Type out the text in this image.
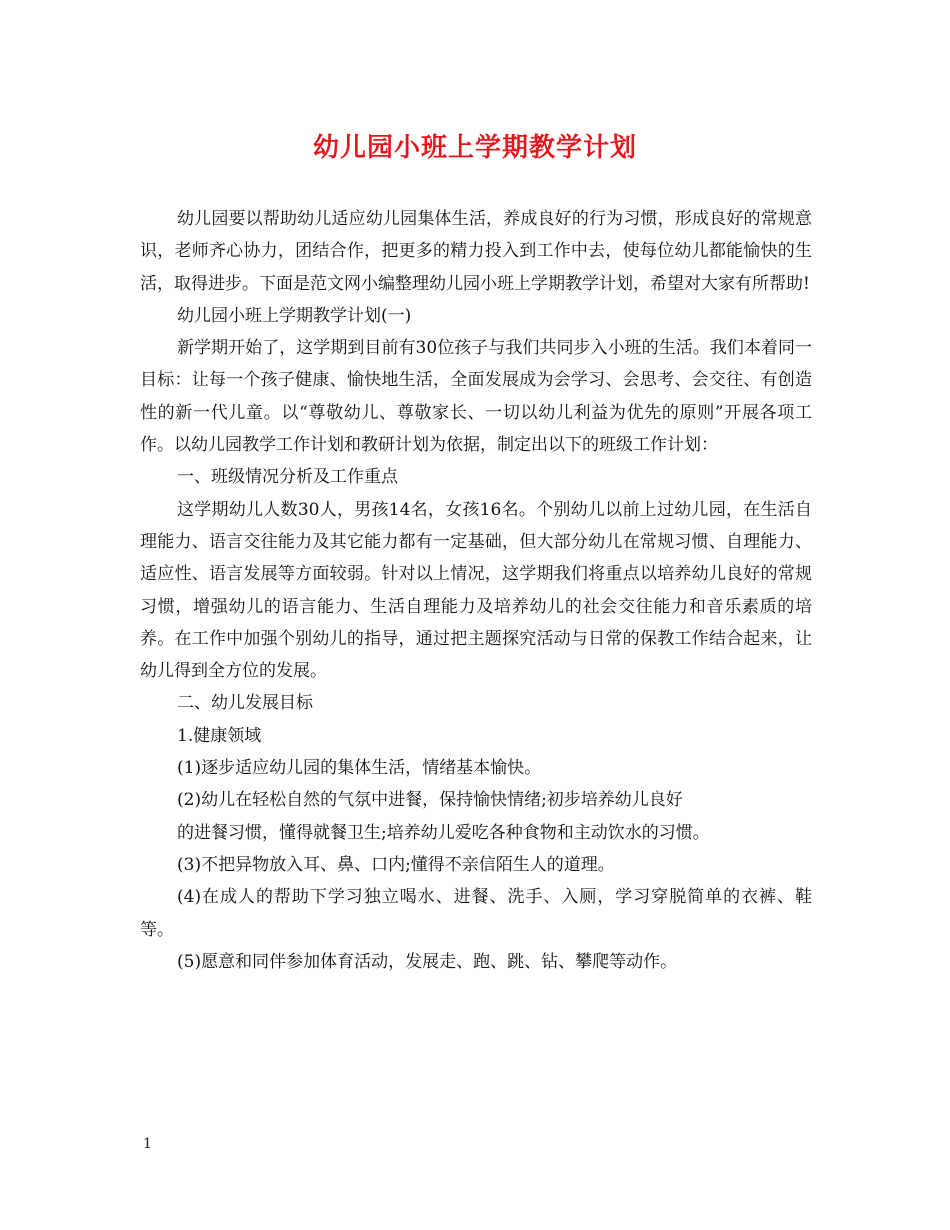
幼儿园小班上学期教学计划

幼儿园要以帮助幼儿适应幼儿园集体生活，养成良好的行为习惯，形成良好的常规意识，老师齐心协力，团结合作，把更多的精力投入到工作中去，使每位幼儿都能愉快的生活，取得进步。下面是范文网小编整理幼儿园小班上学期教学计划，希望对大家有所帮助!

幼儿园小班上学期教学计划(一)

新学期开始了，这学期到目前有30位孩子与我们共同步入小班的生活。我们本着同一目标：让每一个孩子健康、愉快地生活，全面发展成为会学习、会思考、会交往、有创造性的新一代儿童。以“尊敬幼儿、尊敬家长、一切以幼儿利益为优先的原则”开展各项工作。以幼儿园教学工作计划和教研计划为依据，制定出以下的班级工作计划：

一、班级情况分析及工作重点

这学期幼儿人数30人，男孩14名，女孩16名。个别幼儿以前上过幼儿园，在生活自理能力、语言交往能力及其它能力都有一定基础，但大部分幼儿在常规习惯、自理能力、适应性、语言发展等方面较弱。针对以上情况，这学期我们将重点以培养幼儿良好的常规习惯，增强幼儿的语言能力、生活自理能力及培养幼儿的社会交往能力和音乐素质的培养。在工作中加强个别幼儿的指导，通过把主题探究活动与日常的保教工作结合起来，让幼儿得到全方位的发展。

二、幼儿发展目标

1.健康领域

(1)逐步适应幼儿园的集体生活，情绪基本愉快。

(2)幼儿在轻松自然的气氛中进餐，保持愉快情绪;初步培养幼儿良好

的进餐习惯，懂得就餐卫生;培养幼儿爱吃各种食物和主动饮水的习惯。

(3)不把异物放入耳、鼻、口内;懂得不亲信陌生人的道理。

(4)在成人的帮助下学习独立喝水、进餐、洗手、入厕，学习穿脱简单的衣裤、鞋等。

(5)愿意和同伴参加体育活动，发展走、跑、跳、钻、攀爬等动作。

1
